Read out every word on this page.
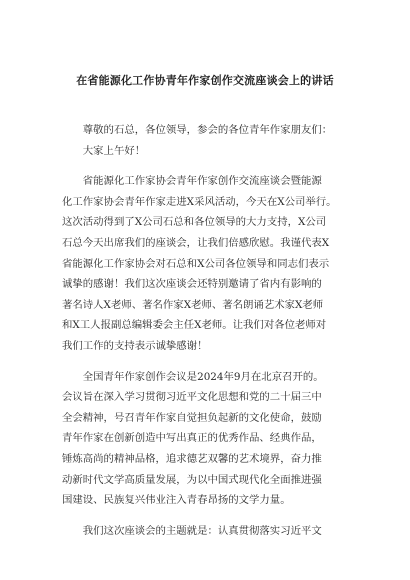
在省能源化工作协青年作家创作交流座谈会上的讲话
　　尊敬的石总，各位领导，参会的各位青年作家朋友们：
　　大家上午好！
　　省能源化工作家协会青年作家创作交流座谈会暨能源
化工作家协会青年作家走进X采风活动，今天在X公司举行。
这次活动得到了X公司石总和各位领导的大力支持，X公司
石总今天出席我们的座谈会，让我们倍感欣慰。我谨代表X
省能源化工作家协会对石总和X公司各位领导和同志们表示
诚挚的感谢！我们这次座谈会还特别邀请了省内有影响的
著名诗人X老师、著名作家X老师、著名朗诵艺术家X老师
和X工人报副总编辑委会主任X老师。让我们对各位老师对
我们工作的支持表示诚挚感谢！
　　全国青年作家创作会议是2024年9月在北京召开的。
会议旨在深入学习贯彻习近平文化思想和党的二十届三中
全会精神，号召青年作家自觉担负起新的文化使命，鼓励
青年作家在创新创造中写出真正的优秀作品、经典作品，
锤炼高尚的精神品格，追求德艺双馨的艺术境界，奋力推
动新时代文学高质量发展，为以中国式现代化全面推进强
国建设、民族复兴伟业注入青春昂扬的文学力量。
　　我们这次座谈会的主题就是：认真贯彻落实习近平文
